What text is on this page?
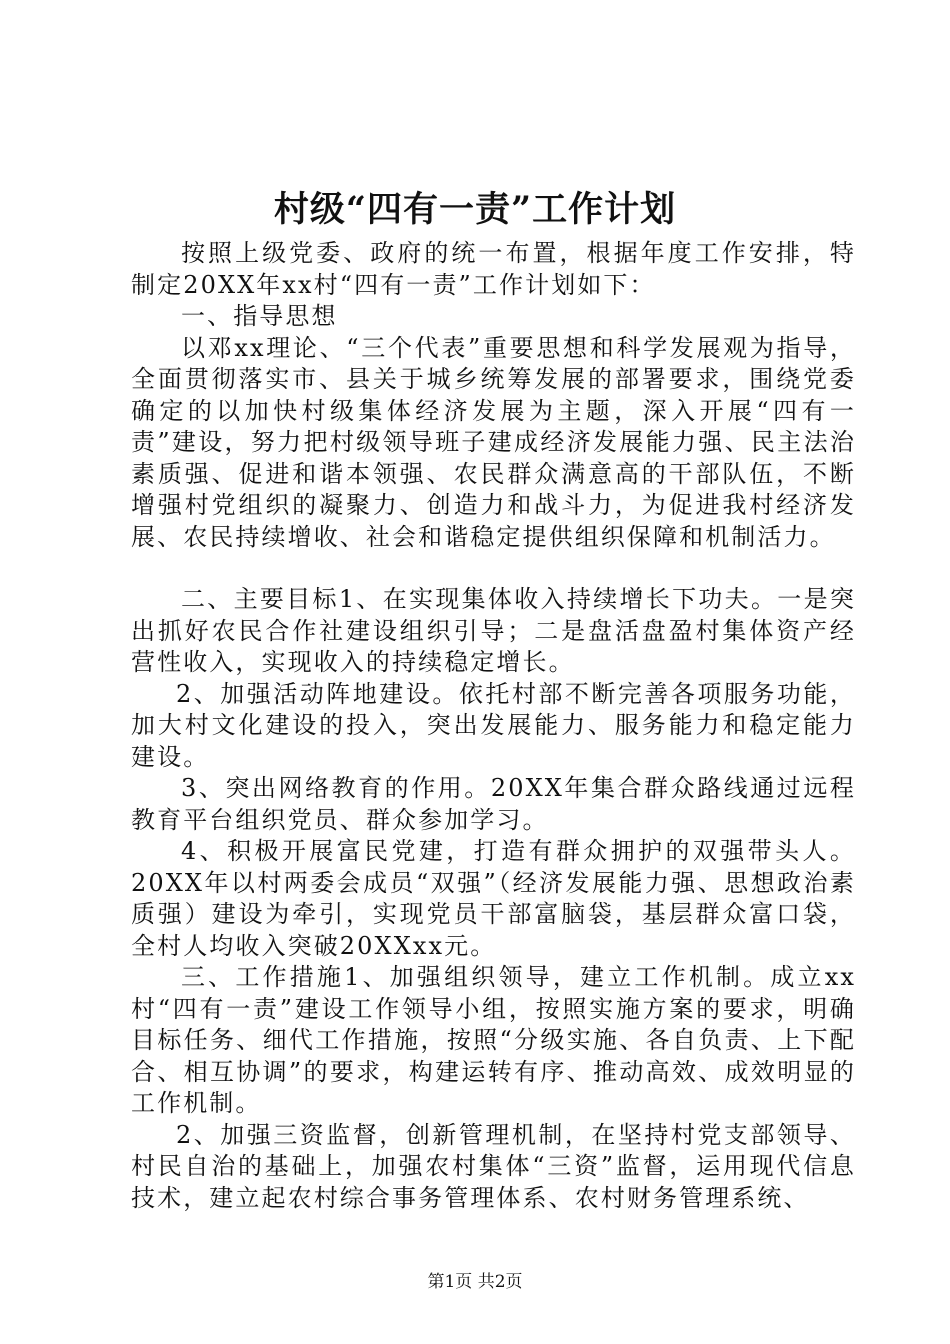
村级“四有一责”工作计划

按照上级党委、政府的统一布置，根据年度工作安排，特制定20XX年xx村“四有一责”工作计划如下：

一、指导思想

以邓xx理论、“三个代表”重要思想和科学发展观为指导，全面贯彻落实市、县关于城乡统筹发展的部署要求，围绕党委确定的以加快村级集体经济发展为主题，深入开展“四有一责”建设，努力把村级领导班子建成经济发展能力强、民主法治素质强、促进和谐本领强、农民群众满意高的干部队伍，不断增强村党组织的凝聚力、创造力和战斗力，为促进我村经济发展、农民持续增收、社会和谐稳定提供组织保障和机制活力。

二、主要目标1、在实现集体收入持续增长下功夫。一是突出抓好农民合作社建设组织引导；二是盘活盘盈村集体资产经营性收入，实现收入的持续稳定增长。

2、加强活动阵地建设。依托村部不断完善各项服务功能，加大村文化建设的投入，突出发展能力、服务能力和稳定能力建设。

3、突出网络教育的作用。20XX年集合群众路线通过远程教育平台组织党员、群众参加学习。

4、积极开展富民党建，打造有群众拥护的双强带头人。20XX年以村两委会成员“双强”（经济发展能力强、思想政治素质强）建设为牵引，实现党员干部富脑袋，基层群众富口袋，全村人均收入突破20XXxx元。

三、工作措施1、加强组织领导，建立工作机制。成立xx村“四有一责”建设工作领导小组，按照实施方案的要求，明确目标任务、细代工作措施，按照“分级实施、各自负责、上下配合、相互协调”的要求，构建运转有序、推动高效、成效明显的工作机制。

2、加强三资监督，创新管理机制，在坚持村党支部领导、村民自治的基础上，加强农村集体“三资”监督，运用现代信息技术，建立起农村综合事务管理体系、农村财务管理系统、

第1页 共2页
